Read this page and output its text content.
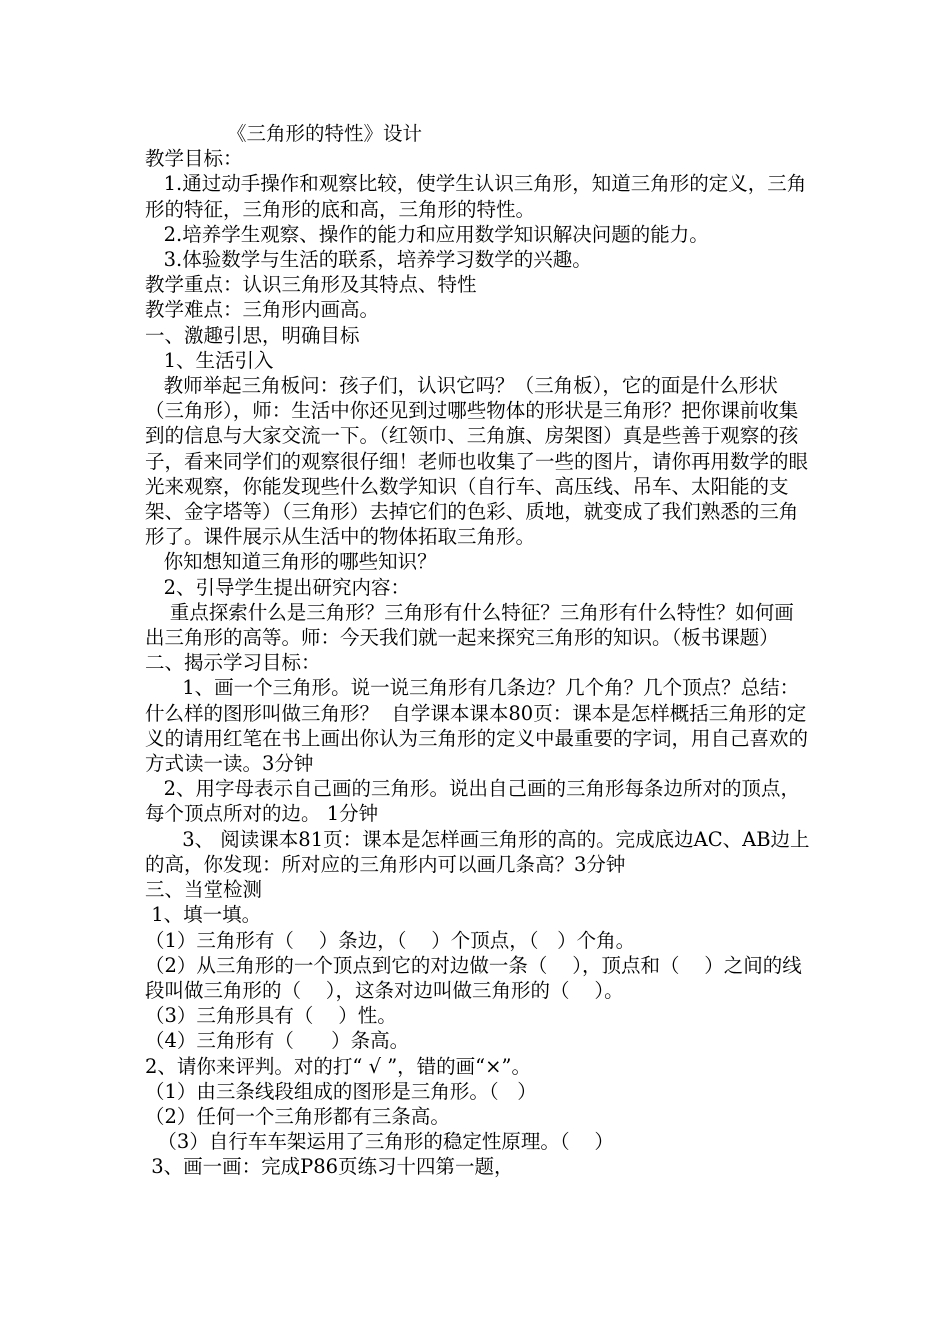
《三角形的特性》设计

教学目标：

1.通过动手操作和观察比较，使学生认识三角形，知道三角形的定义，三角形的特征，三角形的底和高，三角形的特性。

2.培养学生观察、操作的能力和应用数学知识解决问题的能力。

3.体验数学与生活的联系，培养学习数学的兴趣。

教学重点：认识三角形及其特点、特性

教学难点：三角形内画高。

一、激趣引思，明确目标

1、生活引入

教师举起三角板问：孩子们，认识它吗？（三角板），它的面是什么形状（三角形），师：生活中你还见到过哪些物体的形状是三角形？把你课前收集到的信息与大家交流一下。（红领巾、三角旗、房架图）真是些善于观察的孩子，看来同学们的观察很仔细！老师也收集了一些的图片，请你再用数学的眼光来观察，你能发现些什么数学知识（自行车、高压线、吊车、太阳能的支架、金字塔等）（三角形）去掉它们的色彩、质地，就变成了我们熟悉的三角形了。课件展示从生活中的物体拓取三角形。

你知想知道三角形的哪些知识？

2、引导学生提出研究内容：

重点探索什么是三角形？三角形有什么特征？三角形有什么特性？如何画出三角形的高等。师：今天我们就一起来探究三角形的知识。（板书课题）

二、揭示学习目标：

1、画一个三角形。说一说三角形有几条边？几个角？几个顶点？总结：什么样的图形叫做三角形？  自学课本课本80页：课本是怎样概括三角形的定义的请用红笔在书上画出你认为三角形的定义中最重要的字词，用自己喜欢的方式读一读。3分钟

2、用字母表示自己画的三角形。说出自己画的三角形每条边所对的顶点，每个顶点所对的边。 1分钟

3、 阅读课本81页：课本是怎样画三角形的高的。完成底边AC、AB边上的高，你发现：所对应的三角形内可以画几条高？3分钟

三、当堂检测

1、填一填。

（1）三角形有（    ）条边，（    ）个顶点，（   ）个角。

（2）从三角形的一个顶点到它的对边做一条（    ），顶点和（    ）之间的线段叫做三角形的（    ），这条对边叫做三角形的（    ）。

（3）三角形具有（    ）性。

（4）三角形有（      ）条高。

2、请你来评判。对的打“ √ ”，错的画“×”。

（1）由三条线段组成的图形是三角形。（   ）

（2）任何一个三角形都有三条高。

（3）自行车车架运用了三角形的稳定性原理。（    ）

3、画一画：完成P86页练习十四第一题，
